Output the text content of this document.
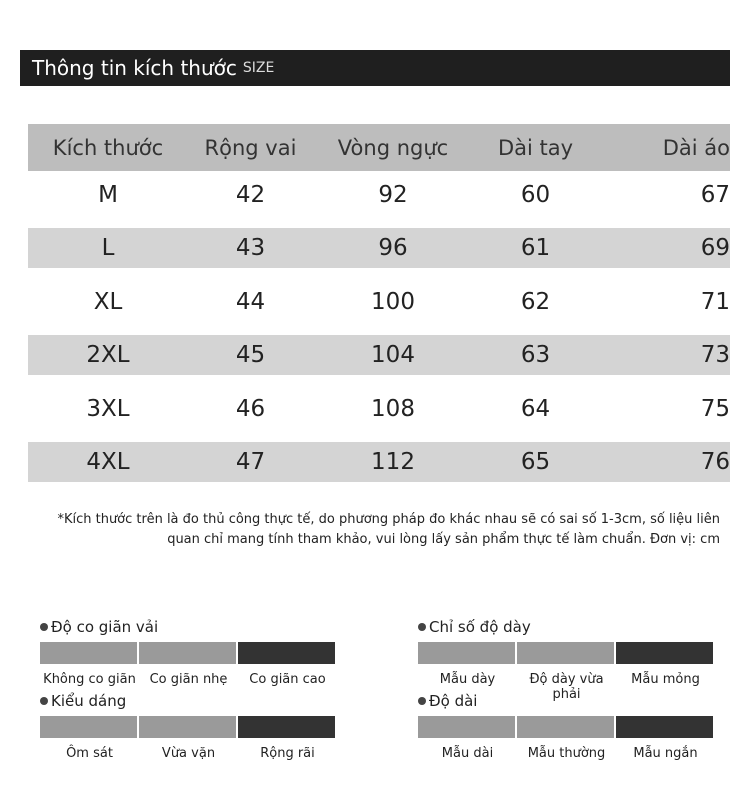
Thông tin kích thước SIZE
Kích thước	Rộng vai	Vòng ngực	Dài tay	Dài áo
M	42	92	60	67
L	43	96	61	69
XL	44	100	62	71
2XL	45	104	63	73
3XL	46	108	64	75
4XL	47	112	65	76
*Kích thước trên là đo thủ công thực tế, do phương pháp đo khác nhau sẽ có sai số 1-3cm, số liệu liên
quan chỉ mang tính tham khảo, vui lòng lấy sản phẩm thực tế làm chuẩn. Đơn vị: cm
Độ co giãn vải
Không co giãn	Co giãn nhẹ	Co giãn cao
Kiểu dáng
Ôm sát	Vừa vặn	Rộng rãi
Chỉ số độ dày
Mẫu dày	Độ dày vừa phải
Mẫu mỏng
Độ dài
Mẫu dài	Mẫu thường	Mẫu ngắn
